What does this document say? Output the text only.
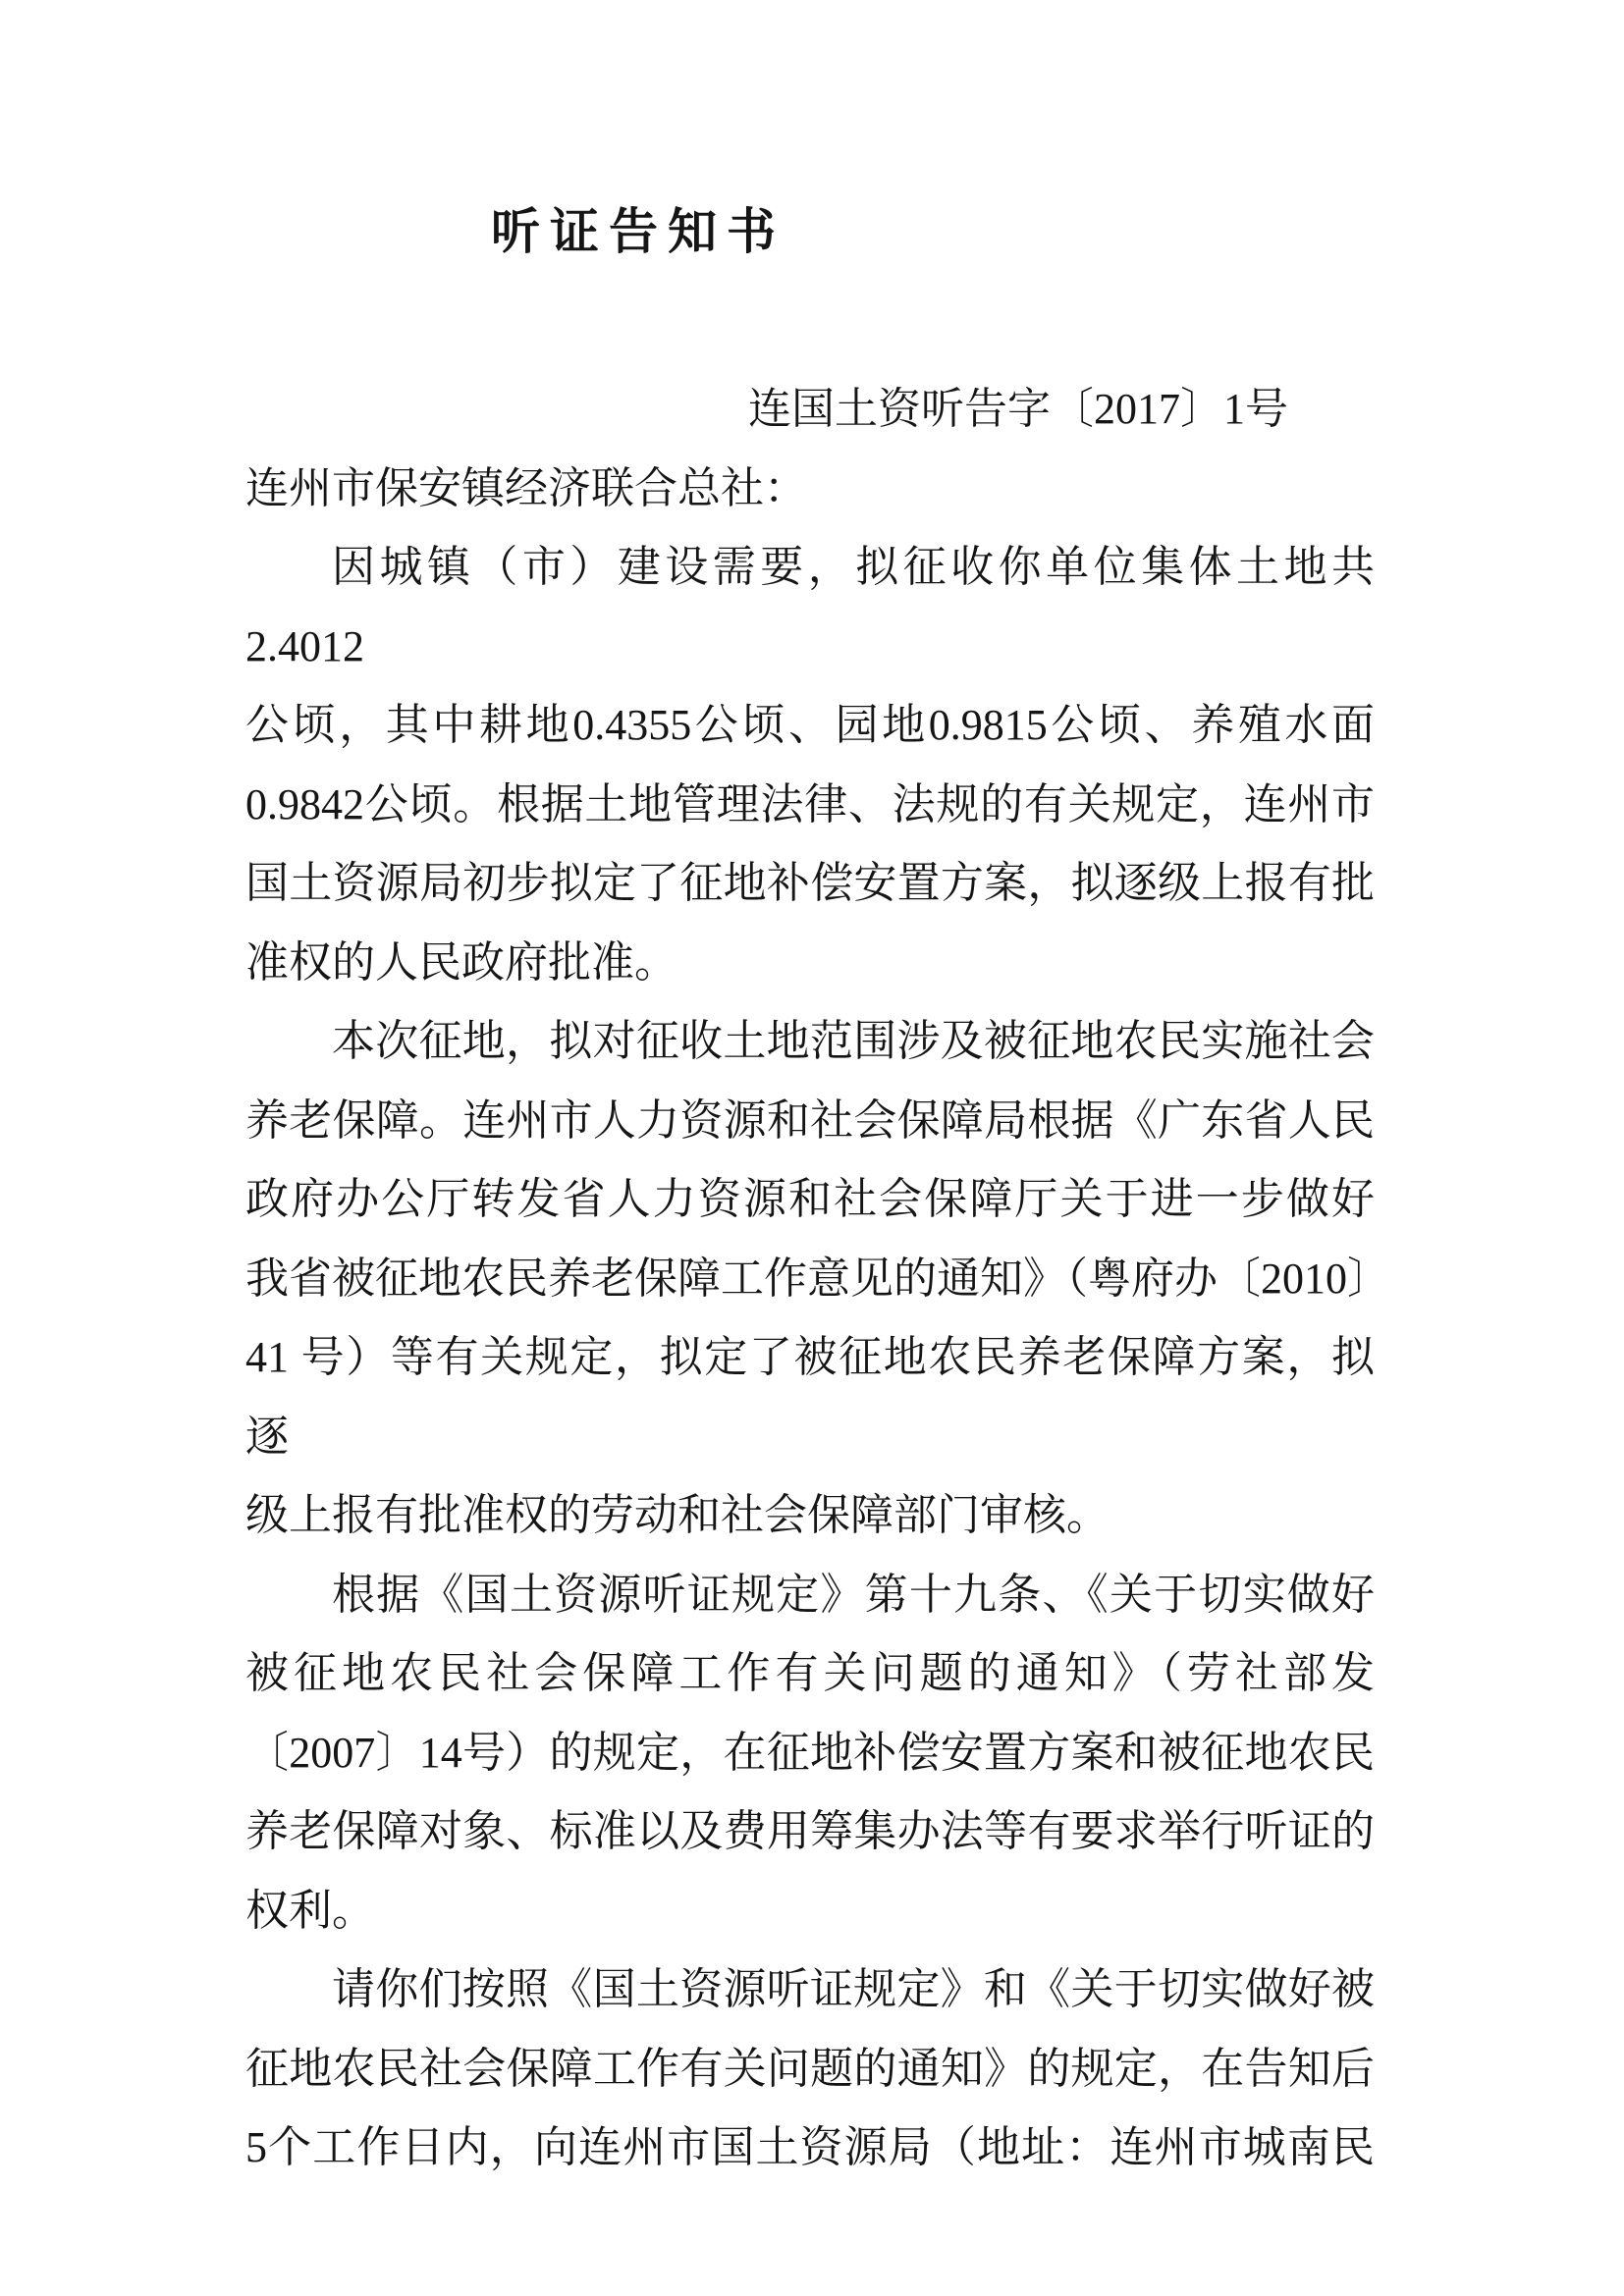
听证告知书
连国土资听告字〔2017〕1号
连州市保安镇经济联合总社：
因城镇（市）建设需要，拟征收你单位集体土地共2.4012
公顷，其中耕地0.4355公顷、园地0.9815公顷、养殖水面
0.9842公顷。根据土地管理法律、法规的有关规定，连州市
国土资源局初步拟定了征地补偿安置方案，拟逐级上报有批
准权的人民政府批准。
本次征地，拟对征收土地范围涉及被征地农民实施社会
养老保障。连州市人力资源和社会保障局根据《广东省人民
政府办公厅转发省人力资源和社会保障厅关于进一步做好
我省被征地农民养老保障工作意见的通知》（粤府办〔2010〕
41 号）等有关规定，拟定了被征地农民养老保障方案，拟逐
级上报有批准权的劳动和社会保障部门审核。
根据《国土资源听证规定》第十九条、《关于切实做好
被征地农民社会保障工作有关问题的通知》（劳社部发
〔2007〕14号）的规定，在征地补偿安置方案和被征地农民
养老保障对象、标准以及费用筹集办法等有要求举行听证的
权利。
请你们按照《国土资源听证规定》和《关于切实做好被
征地农民社会保障工作有关问题的通知》的规定，在告知后
5个工作日内，向连州市国土资源局（地址：连州市城南民
